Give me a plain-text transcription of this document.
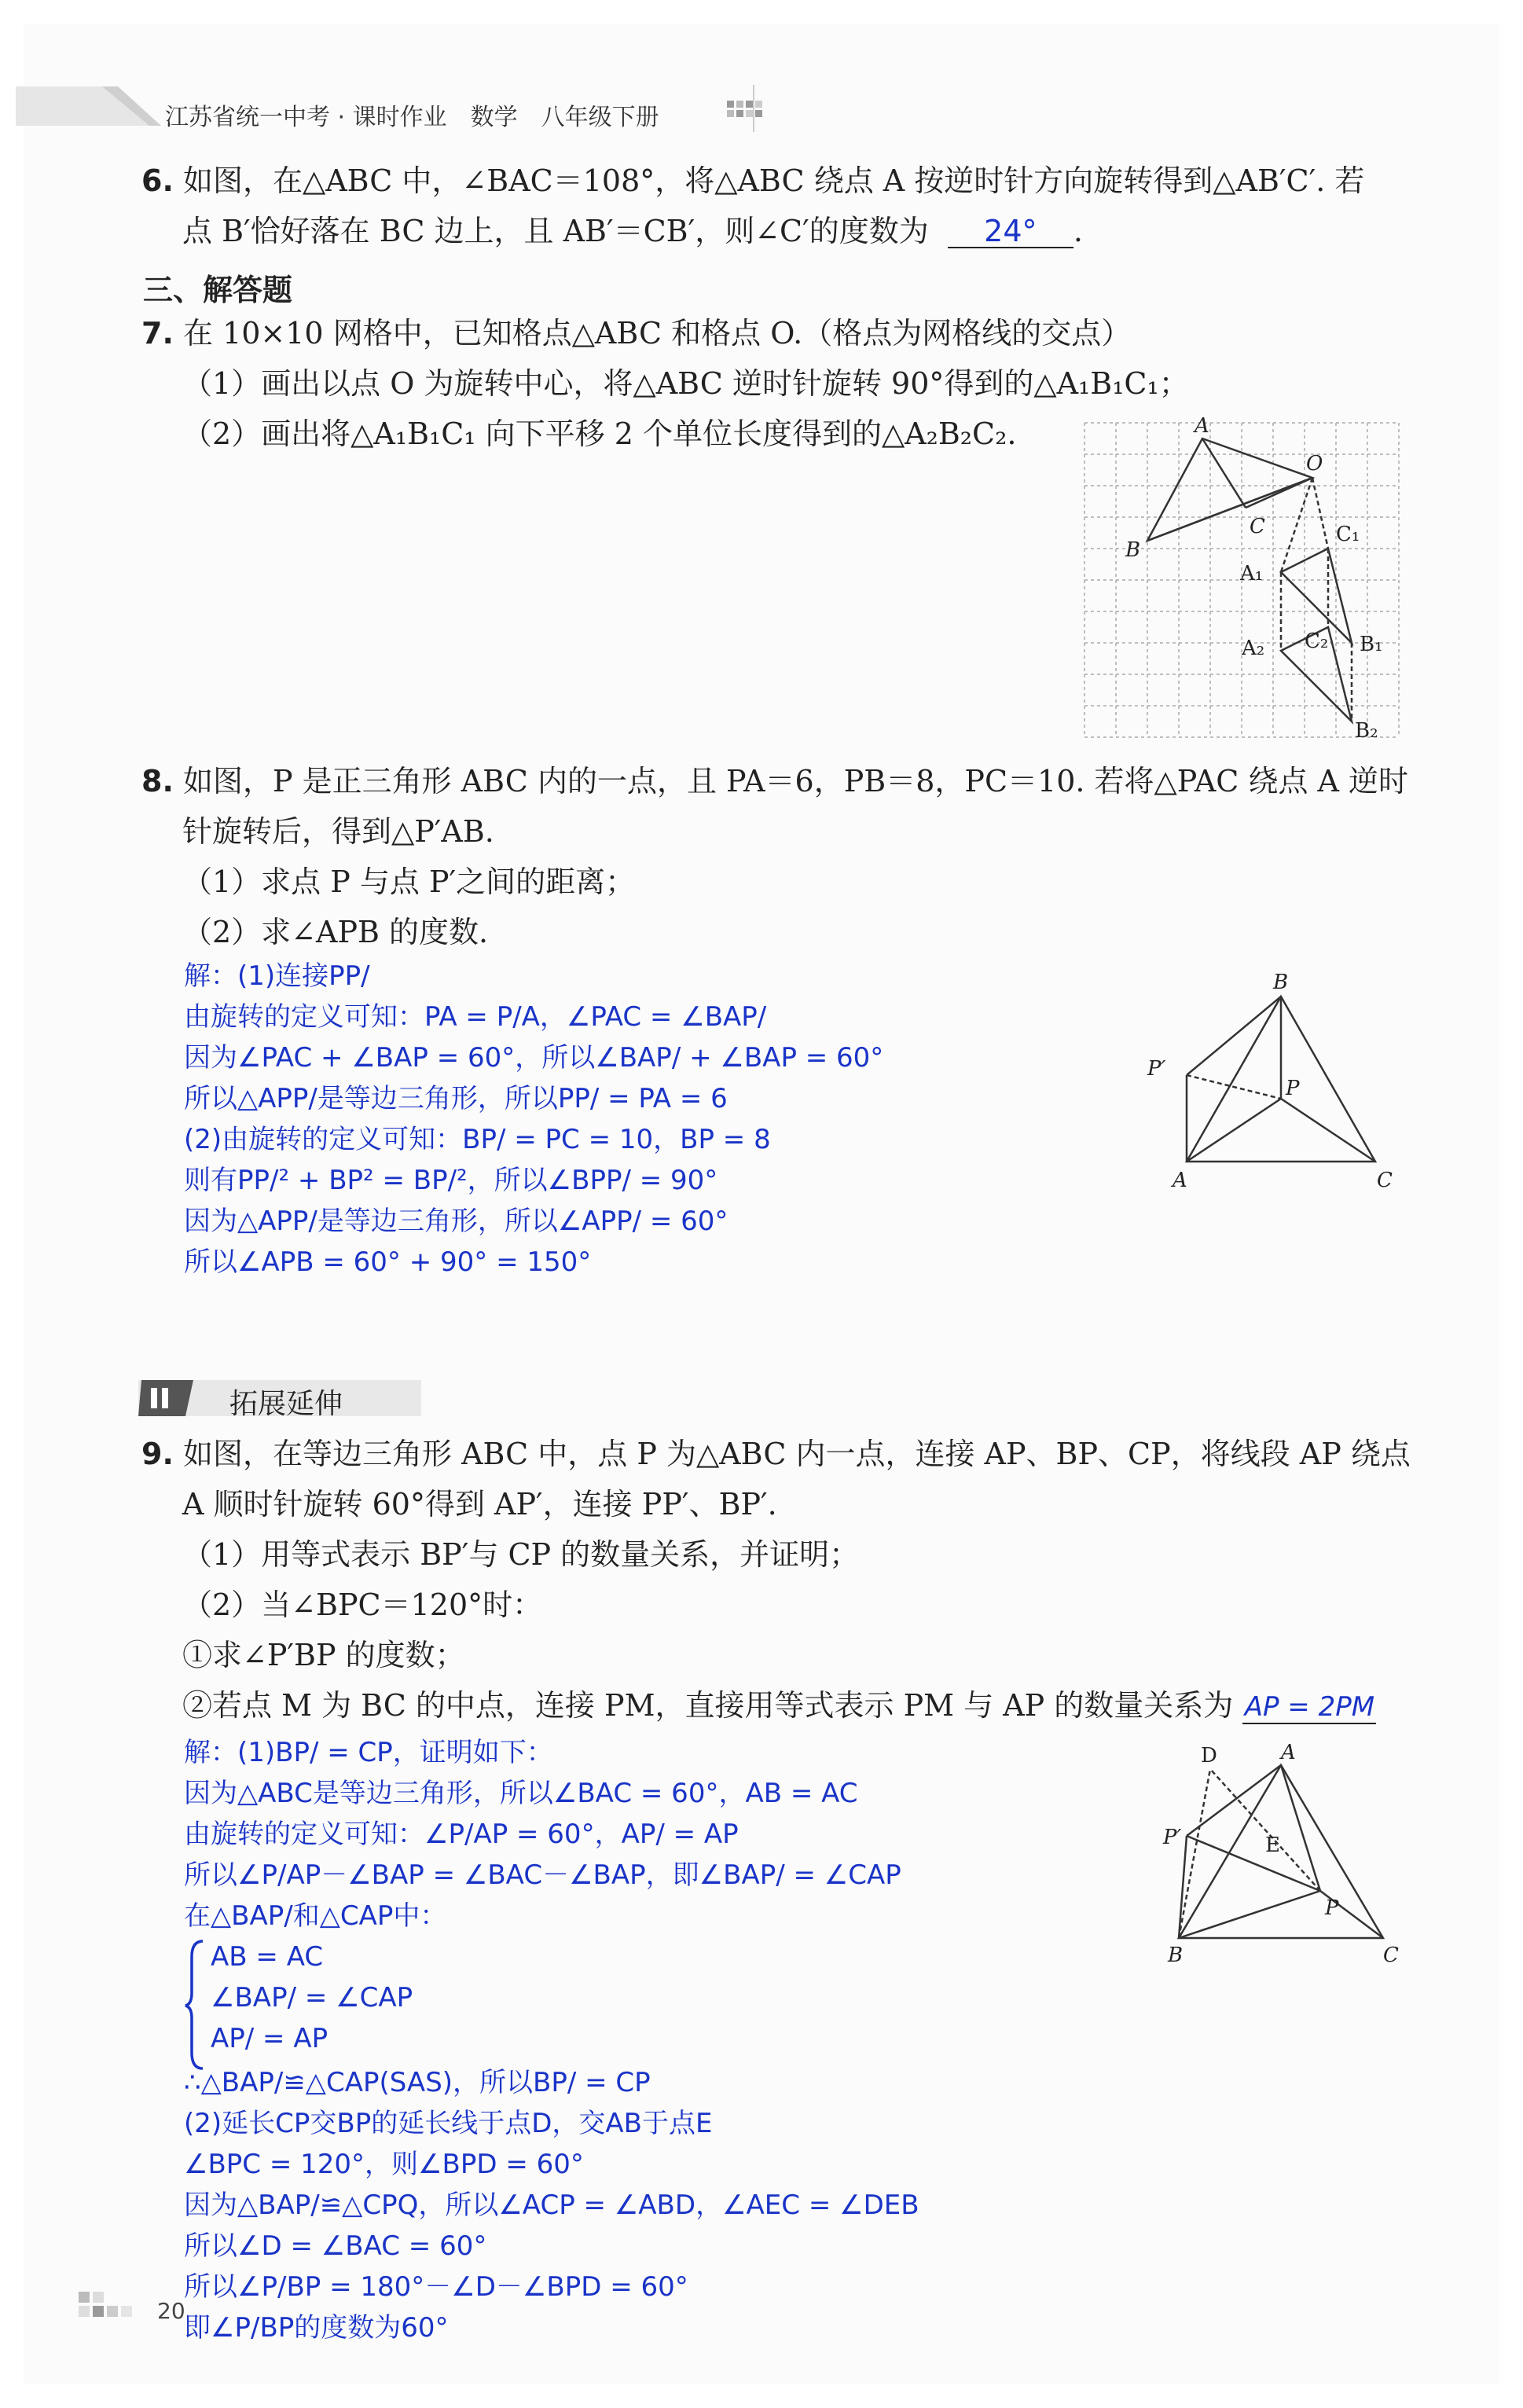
江苏省统一中考 · 课时作业　数学　八年级下册
6. 如图，在△ABC 中，∠BAC＝108°，将△ABC 绕点 A 按逆时针方向旋转得到△AB′C′. 若
点 B′恰好落在 BC 边上，且 AB′＝CB′，则∠C′的度数为 24° .
三、解答题
7. 在 10×10 网格中，已知格点△ABC 和格点 O.（格点为网格线的交点）
（1）画出以点 O 为旋转中心，将△ABC 逆时针旋转 90°得到的△A₁B₁C₁；
（2）画出将△A₁B₁C₁ 向下平移 2 个单位长度得到的△A₂B₂C₂.	A
B
C
O
C₁
A₁
C₂ B₁
A₂
B₂
8. 如图，P 是正三角形 ABC 内的一点，且 PA＝6，PB＝8，PC＝10. 若将△PAC 绕点 A 逆时
针旋转后，得到△P′AB.
（1）求点 P 与点 P′之间的距离；
（2）求∠APB 的度数.
解：(1)连接PP/
由旋转的定义可知：PA = P/A，∠PAC = ∠BAP/
因为∠PAC + ∠BAP = 60°，所以∠BAP/ + ∠BAP = 60°
所以△APP/是等边三角形，所以PP/ = PA = 6
(2)由旋转的定义可知：BP/ = PC = 10，BP = 8
则有PP/² + BP² = BP/²，所以∠BPP/ = 90°
因为△APP/是等边三角形，所以∠APP/ = 60°
所以∠APB = 60° + 90° = 150°
B
A	C
P
P′
拓展延伸
9. 如图，在等边三角形 ABC 中，点 P 为△ABC 内一点，连接 AP、BP、CP，将线段 AP 绕点
A 顺时针旋转 60°得到 AP′，连接 PP′、BP′.
（1）用等式表示 BP′与 CP 的数量关系，并证明；
（2）当∠BPC＝120°时：
①求∠P′BP 的度数；
②若点 M 为 BC 的中点，连接 PM，直接用等式表示 PM 与 AP 的数量关系为 AP = 2PM
解：(1)BP/ = CP，证明如下：
因为△ABC是等边三角形，所以∠BAC = 60°，AB = AC
由旋转的定义可知：∠P/AP = 60°，AP/ = AP
所以∠P/AP－∠BAP = ∠BAC－∠BAP，即∠BAP/ = ∠CAP
在△BAP/和△CAP中：
AB = AC
∠BAP/ = ∠CAP
AP/ = AP
∴△BAP/≌△CAP(SAS)，所以BP/ = CP
(2)延长CP交BP的延长线于点D，交AB于点E
∠BPC = 120°，则∠BPD = 60°
因为△BAP/≌△CPQ，所以∠ACP = ∠ABD，∠AEC = ∠DEB
所以∠D = ∠BAC = 60°
所以∠P/BP = 180°－∠D－∠BPD = 60°
即∠P/BP的度数为60°
A
B	C
P
P′
D
E
20
